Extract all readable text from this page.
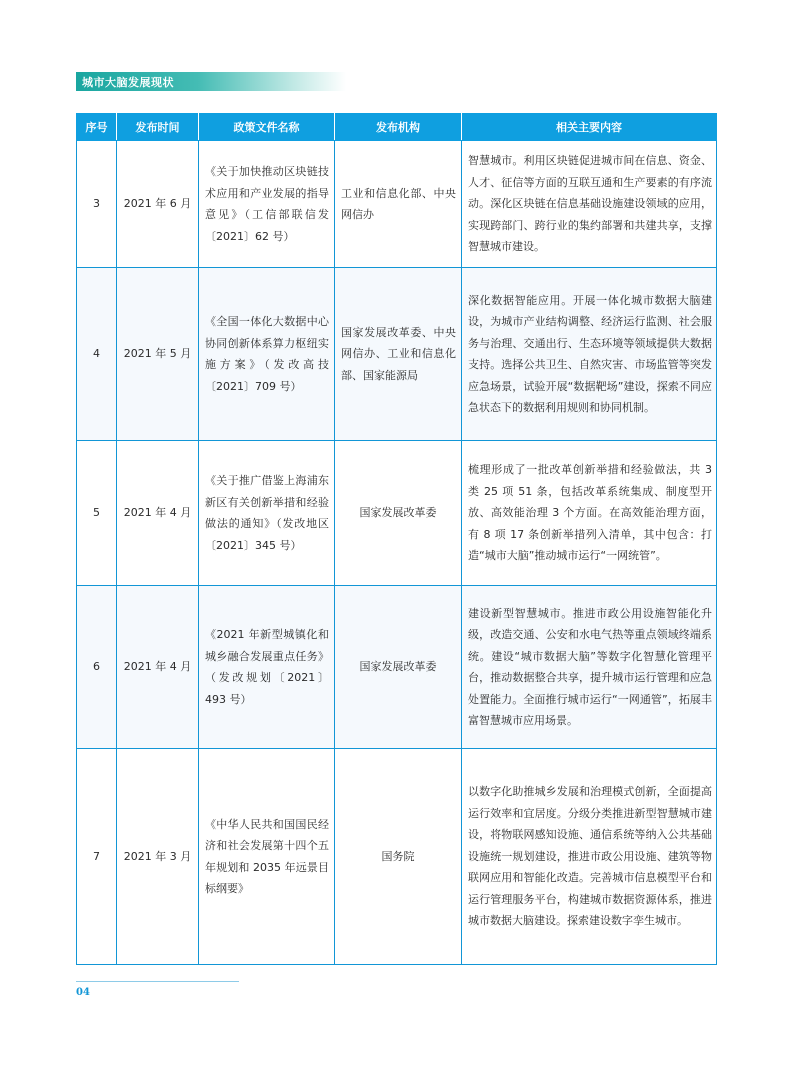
城市大脑发展现状
序号	发布时间	政策文件名称	发布机构	相关主要内容
3	2021 年 6 月	《关于加快推动区块链技术应用和产业发展的指导意见》（工信部联信发〔2021〕62 号）	工业和信息化部、中央网信办	智慧城市。利用区块链促进城市间在信息、资金、人才、征信等方面的互联互通和生产要素的有序流动。深化区块链在信息基础设施建设领域的应用，实现跨部门、跨行业的集约部署和共建共享，支撑智慧城市建设。
4	2021 年 5 月	《全国一体化大数据中心协同创新体系算力枢纽实施方案》（发改高技〔2021〕709 号）	国家发展改革委、中央网信办、工业和信息化部、国家能源局	深化数据智能应用。开展一体化城市数据大脑建设，为城市产业结构调整、经济运行监测、社会服务与治理、交通出行、生态环境等领域提供大数据支持。选择公共卫生、自然灾害、市场监管等突发应急场景，试验开展“数据靶场”建设，探索不同应急状态下的数据利用规则和协同机制。
5	2021 年 4 月	《关于推广借鉴上海浦东新区有关创新举措和经验做法的通知》（发改地区〔2021〕345 号）	国家发展改革委	梳理形成了一批改革创新举措和经验做法，共 3 类 25 项 51 条，包括改革系统集成、制度型开放、高效能治理 3 个方面。在高效能治理方面，有 8 项 17 条创新举措列入清单，其中包含：打造“城市大脑”推动城市运行“一网统管”。
6	2021 年 4 月	《2021 年新型城镇化和城乡融合发展重点任务》（发改规划〔2021〕493 号）	国家发展改革委	建设新型智慧城市。推进市政公用设施智能化升级，改造交通、公安和水电气热等重点领域终端系统。建设“城市数据大脑”等数字化智慧化管理平台，推动数据整合共享，提升城市运行管理和应急处置能力。全面推行城市运行“一网通管”，拓展丰富智慧城市应用场景。
7	2021 年 3 月	《中华人民共和国国民经济和社会发展第十四个五年规划和 2035 年远景目标纲要》	国务院	以数字化助推城乡发展和治理模式创新，全面提高运行效率和宜居度。分级分类推进新型智慧城市建设，将物联网感知设施、通信系统等纳入公共基础设施统一规划建设，推进市政公用设施、建筑等物联网应用和智能化改造。完善城市信息模型平台和运行管理服务平台，构建城市数据资源体系，推进城市数据大脑建设。探索建设数字孪生城市。
04
